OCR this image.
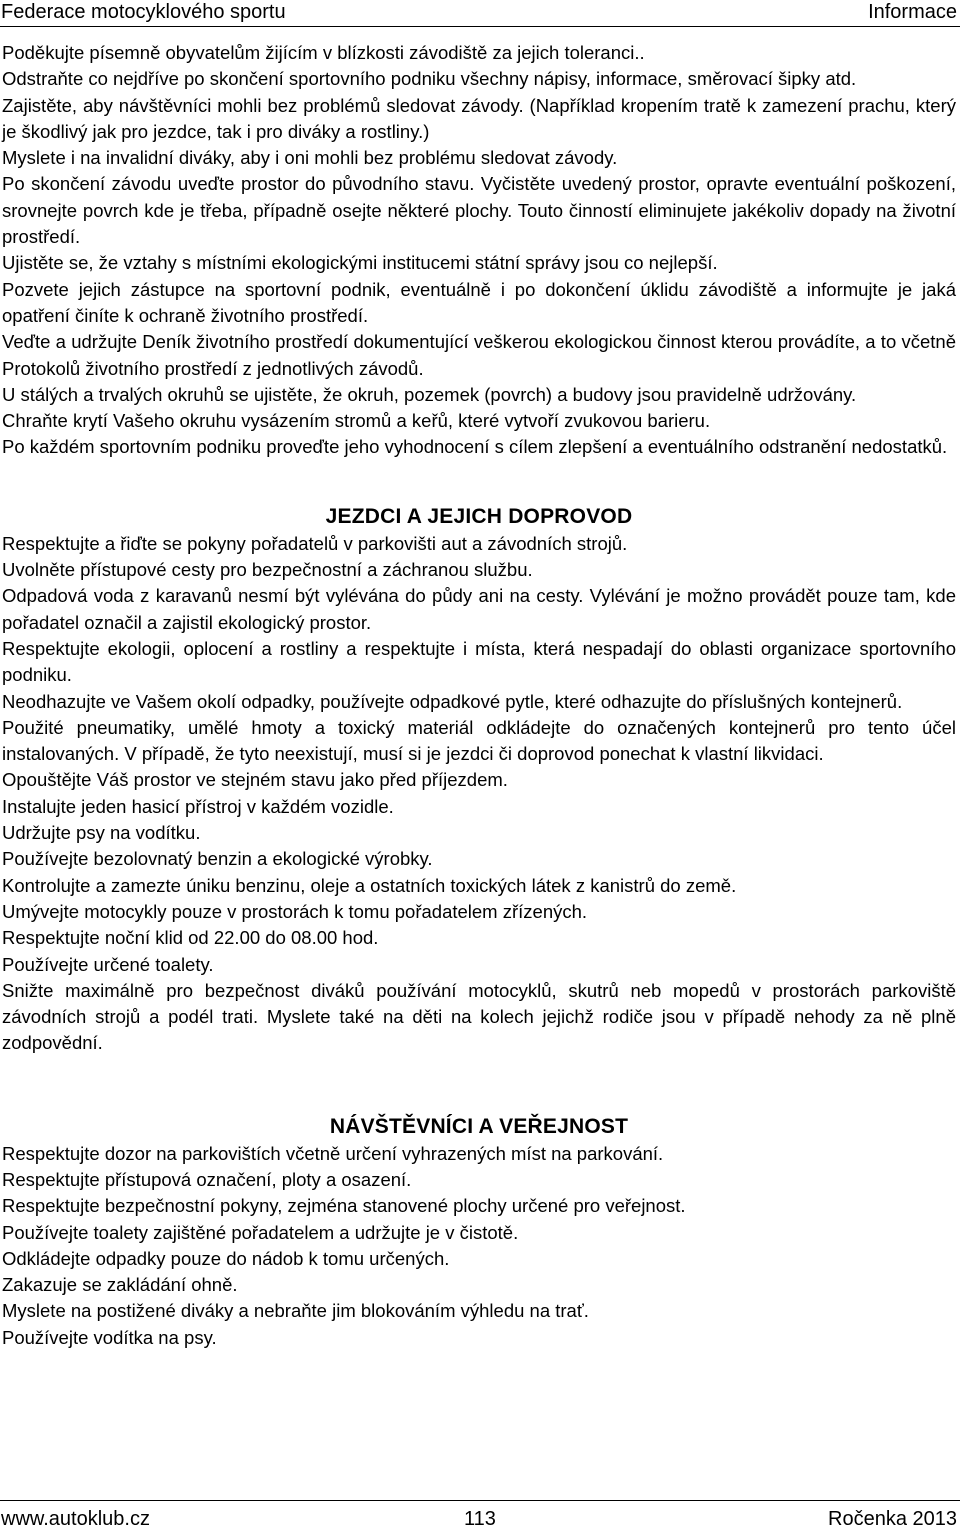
Federace motocyklového sportu	Informace

Poděkujte písemně obyvatelům žijícím v blízkosti závodiště za jejich toleranci..

Odstraňte co nejdříve po skončení sportovního podniku všechny nápisy, informace, směrovací šipky atd.

Zajistěte, aby návštěvníci mohli bez problémů sledovat závody. (Například kropením tratě k zamezení prachu, který je škodlivý jak pro jezdce, tak i pro diváky a rostliny.)

Myslete i na invalidní diváky, aby i oni mohli bez problému sledovat závody.

Po skončení závodu uveďte prostor do původního stavu. Vyčistěte uvedený prostor, opravte eventuální poškození, srovnejte povrch kde je třeba, případně osejte některé plochy. Touto činností eliminujete jakékoliv dopady na životní prostředí.

Ujistěte se, že vztahy s místními ekologickými institucemi státní správy jsou co nejlepší.

Pozvete jejich zástupce na sportovní podnik, eventuálně i po dokončení úklidu závodiště a informujte je jaká opatření činíte k ochraně životního prostředí.

Veďte a udržujte Deník životního prostředí dokumentující veškerou ekologickou činnost kterou provádíte, a to včetně Protokolů životního prostředí z jednotlivých závodů.

U stálých a trvalých okruhů se ujistěte, že okruh, pozemek (povrch) a budovy jsou pravidelně udržovány.

Chraňte krytí Vašeho okruhu vysázením stromů a keřů, které vytvoří zvukovou barieru.

Po každém sportovním podniku proveďte jeho vyhodnocení s cílem zlepšení a eventuálního odstranění nedostatků.

JEZDCI A JEJICH DOPROVOD

Respektujte a řiďte se pokyny pořadatelů v parkovišti aut a závodních strojů.

Uvolněte přístupové cesty pro bezpečnostní a záchranou službu.

Odpadová voda z karavanů nesmí být vylévána do půdy ani na cesty. Vylévání je možno provádět pouze tam, kde pořadatel označil a zajistil ekologický prostor.

Respektujte ekologii, oplocení a rostliny a respektujte i místa, která nespadají do oblasti organizace sportovního podniku.

Neodhazujte ve Vašem okolí odpadky, používejte odpadkové pytle, které odhazujte do příslušných kontejnerů.

Použité pneumatiky, umělé hmoty a toxický materiál odkládejte do označených kontejnerů pro tento účel instalovaných. V případě, že tyto neexistují, musí si je jezdci či doprovod ponechat k vlastní likvidaci.

Opouštějte Váš prostor ve stejném stavu jako před příjezdem.

Instalujte jeden hasicí přístroj v každém vozidle.

Udržujte psy na vodítku.

Používejte bezolovnatý benzin a ekologické výrobky.

Kontrolujte a zamezte úniku benzinu, oleje a ostatních toxických látek z kanistrů do země.

Umývejte motocykly pouze v prostorách k tomu pořadatelem zřízených.

Respektujte noční klid od 22.00 do 08.00 hod.

Používejte určené toalety.

Snižte maximálně pro bezpečnost diváků používání motocyklů, skutrů neb mopedů v prostorách parkoviště závodních strojů a podél trati. Myslete také na děti na kolech jejichž rodiče jsou v případě nehody za ně plně zodpovědní.

NÁVŠTĚVNÍCI A VEŘEJNOST

Respektujte dozor na parkovištích včetně určení vyhrazených míst na parkování.

Respektujte přístupová označení, ploty a osazení.

Respektujte bezpečnostní pokyny, zejména stanovené plochy určené pro veřejnost.

Používejte toalety zajištěné pořadatelem a udržujte je v čistotě.

Odkládejte odpadky pouze do nádob k tomu určených.

Zakazuje se zakládání ohně.

Myslete na postižené diváky a nebraňte jim blokováním výhledu na trať.

Používejte vodítka na psy.

www.autoklub.cz	113	Ročenka 2013
